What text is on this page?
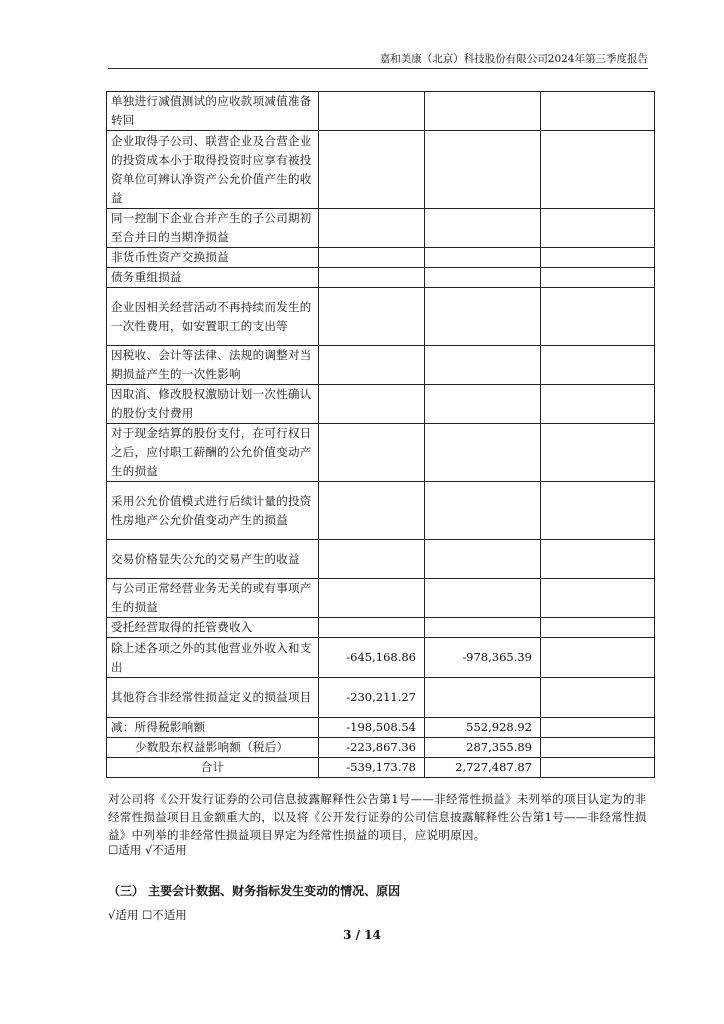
嘉和美康（北京）科技股份有限公司2024年第三季度报告
单独进行减值测试的应收款项减值准备转回			
企业取得子公司、联营企业及合营企业的投资成本小于取得投资时应享有被投资单位可辨认净资产公允价值产生的收益			
同一控制下企业合并产生的子公司期初至合并日的当期净损益			
非货币性资产交换损益			
债务重组损益			
企业因相关经营活动不再持续而发生的一次性费用，如安置职工的支出等			
因税收、会计等法律、法规的调整对当期损益产生的一次性影响			
因取消、修改股权激励计划一次性确认的股份支付费用			
对于现金结算的股份支付，在可行权日之后，应付职工薪酬的公允价值变动产生的损益			
采用公允价值模式进行后续计量的投资性房地产公允价值变动产生的损益			
交易价格显失公允的交易产生的收益			
与公司正常经营业务无关的或有事项产生的损益			
受托经营取得的托管费收入			
除上述各项之外的其他营业外收入和支出	-645,168.86	-978,365.39	
其他符合非经常性损益定义的损益项目	-230,211.27		
减：所得税影响额	-198,508.54	552,928.92	
少数股东权益影响额（税后）	-223,867.36	287,355.89	
合计	-539,173.78	2,727,487.87	
对公司将《公开发行证券的公司信息披露解释性公告第1号——非经常性损益》未列举的项目认定为的非经常性损益项目且金额重大的，以及将《公开发行证券的公司信息披露解释性公告第1号——非经常性损益》中列举的非经常性损益项目界定为经常性损益的项目，应说明原因。
☐适用 √不适用
（三） 主要会计数据、财务指标发生变动的情况、原因
√适用 ☐不适用
3 / 14
